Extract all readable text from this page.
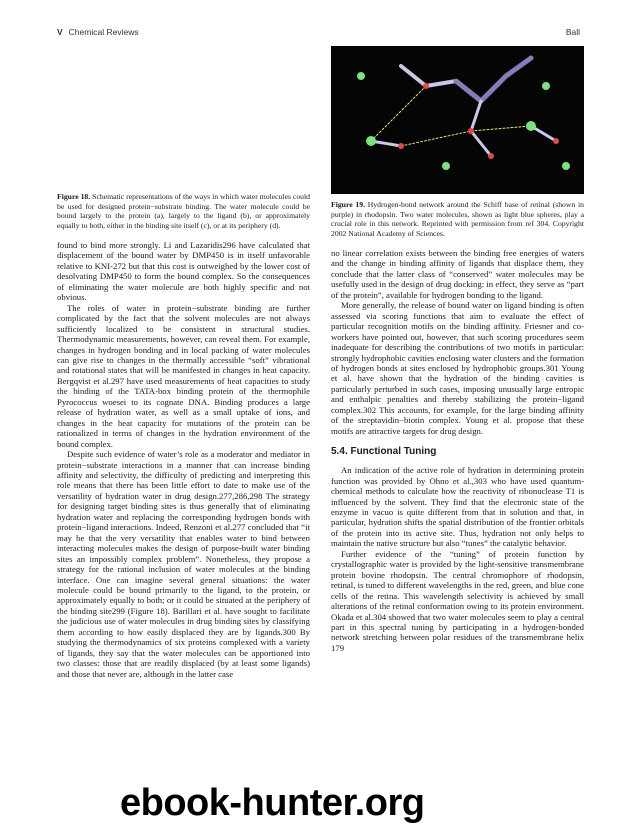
V Chemical Reviews	Ball
Figure 18. Schematic representations of the ways in which water molecules could be used for designed protein−substrate binding. The water molecule could be bound largely to the protein (a), largely to the ligand (b), or approximately equally to both, either in the binding site itself (c), or at its periphery (d).

found to bind more strongly. Li and Lazaridis296 have calculated that displacement of the bound water by DMP450 is in itself unfavorable relative to KNI-272 but that this cost is outweighed by the lower cost of desolvating DMP450 to form the bound complex. So the consequences of eliminating the water molecule are both highly specific and not obvious.

The roles of water in protein−substrate binding are further complicated by the fact that the solvent molecules are not always sufficiently localized to be consistent in structural studies. Thermodynamic measurements, however, can reveal them. For example, changes in hydrogen bonding and in local packing of water molecules can give rise to changes in the thermally accessible “soft” vibrational and rotational states that will be manifested in changes in heat capacity. Bergqvist et al.297 have used measurements of heat capacities to study the binding of the TATA-box binding protein of the thermophile Pyrococcus woesei to its cognate DNA. Binding produces a large release of hydration water, as well as a small uptake of ions, and changes in the heat capacity for mutations of the protein can be rationalized in terms of changes in the hydration environment of the bound complex.

Despite such evidence of water’s role as a moderator and mediator in protein−substrate interactions in a manner that can increase binding affinity and selectivity, the difficulty of predicting and interpreting this role means that there has been little effort to date to make use of the versatility of hydration water in drug design.277,286,298 The strategy for designing target binding sites is thus generally that of eliminating hydration water and replacing the corresponding hydrogen bonds with protein−ligand interactions. Indeed, Renzoni et al.277 concluded that “it may be that the very versatility that enables water to bind between interacting molecules makes the design of purpose-built water binding sites an impossibly complex problem”. Nonetheless, they propose a strategy for the rational inclusion of water molecules at the binding interface. One can imagine several general situations: the water molecule could be bound primarily to the ligand, to the protein, or approximately equally to both; or it could be situated at the periphery of the binding site299 (Figure 18). Barillari et al. have sought to facilitate the judicious use of water molecules in drug binding sites by classifying them according to how easily displaced they are by ligands.300 By studying the thermodynamics of six proteins complexed with a variety of ligands, they say that the water molecules can be apportioned into two classes: those that are readily displaced (by at least some ligands) and those that never are, although in the latter case

Figure 19. Hydrogen-bond network around the Schiff base of retinal (shown in purple) in rhodopsin. Two water molecules, shown as light blue spheres, play a crucial role in this network. Reprinted with permission from ref 304. Copyright 2002 National Academy of Sciences.

no linear correlation exists between the binding free energies of waters and the change in binding affinity of ligands that displace them, they conclude that the latter class of “conserved” water molecules may be usefully used in the design of drug docking: in effect, they serve as “part of the protein”, available for hydrogen bonding to the ligand.

More generally, the release of bound water on ligand binding is often assessed via scoring functions that aim to evaluate the effect of particular recognition motifs on the binding affinity. Friesner and co-workers have pointed out, however, that such scoring procedures seem inadequate for describing the contributions of two motifs in particular: strongly hydrophobic cavities enclosing water clusters and the formation of hydrogen bonds at sites enclosed by hydrophobic groups.301 Young et al. have shown that the hydration of the binding cavities is particularly perturbed in such cases, imposing unusually large entropic and enthalpic penalties and thereby stabilizing the protein−ligand complex.302 This accounts, for example, for the large binding affinity of the streptavidin−biotin complex. Young et al. propose that these motifs are attractive targets for drug design.

5.4. Functional Tuning

An indication of the active role of hydration in determining protein function was provided by Ohno et al.,303 who have used quantum-chemical methods to calculate how the reactivity of ribonuclease T1 is influenced by the solvent. They find that the electronic state of the enzyme in vacuo is quite different from that in solution and that, in particular, hydration shifts the spatial distribution of the frontier orbitals of the protein into its active site. Thus, hydration not only helps to maintain the native structure but also “tunes” the catalytic behavior.

Further evidence of the “tuning” of protein function by crystallographic water is provided by the light-sensitive transmembrane protein bovine rhodopsin. The central chromophore of rhodopsin, retinal, is tuned to different wavelengths in the red, green, and blue cone cells of the retina. This wavelength selectivity is achieved by small alterations of the retinal conformation owing to its protein environment. Okada et al.304 showed that two water molecules seem to play a central part in this spectral tuning by participating in a hydrogen-bonded network stretching between polar residues of the transmembrane helix 179

ebook-hunter.org
